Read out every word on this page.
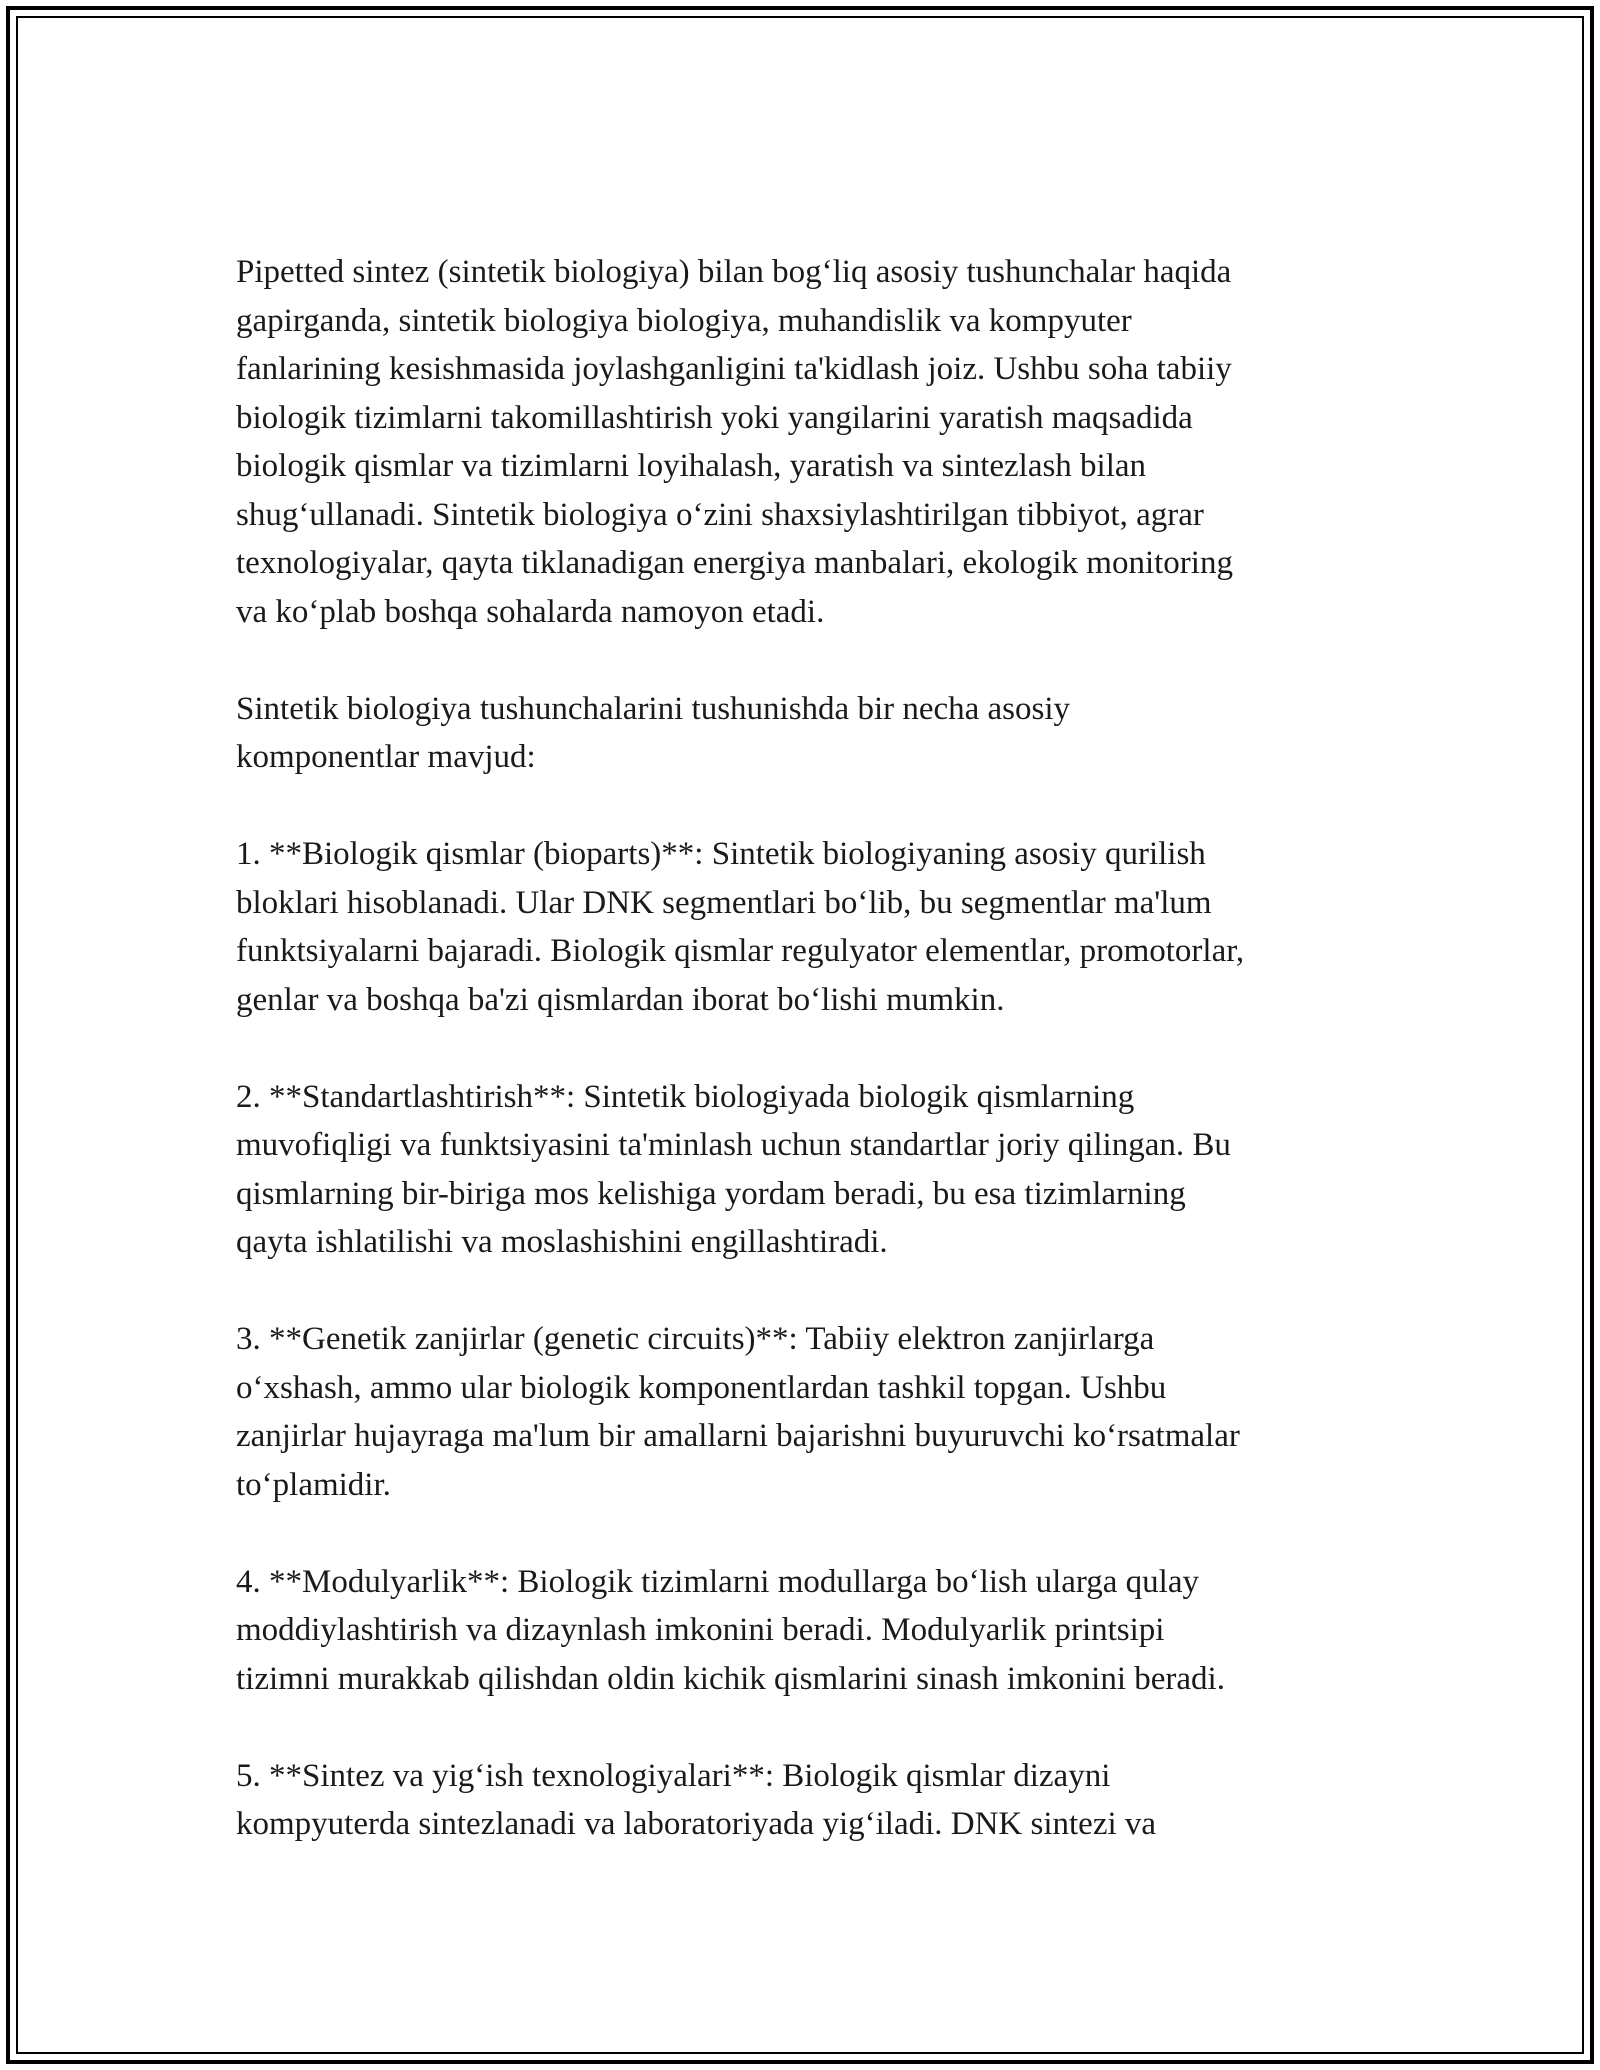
Pipetted sintez (sintetik biologiya) bilan bog‘liq asosiy tushunchalar haqida
gapirganda, sintetik biologiya biologiya, muhandislik va kompyuter
fanlarining kesishmasida joylashganligini ta'kidlash joiz. Ushbu soha tabiiy
biologik tizimlarni takomillashtirish yoki yangilarini yaratish maqsadida
biologik qismlar va tizimlarni loyihalash, yaratish va sintezlash bilan
shug‘ullanadi. Sintetik biologiya o‘zini shaxsiylashtirilgan tibbiyot, agrar
texnologiyalar, qayta tiklanadigan energiya manbalari, ekologik monitoring
va ko‘plab boshqa sohalarda namoyon etadi.

Sintetik biologiya tushunchalarini tushunishda bir necha asosiy
komponentlar mavjud:

1. **Biologik qismlar (bioparts)**: Sintetik biologiyaning asosiy qurilish
bloklari hisoblanadi. Ular DNK segmentlari bo‘lib, bu segmentlar ma'lum
funktsiyalarni bajaradi. Biologik qismlar regulyator elementlar, promotorlar,
genlar va boshqa ba'zi qismlardan iborat bo‘lishi mumkin.

2. **Standartlashtirish**: Sintetik biologiyada biologik qismlarning
muvofiqligi va funktsiyasini ta'minlash uchun standartlar joriy qilingan. Bu
qismlarning bir-biriga mos kelishiga yordam beradi, bu esa tizimlarning
qayta ishlatilishi va moslashishini engillashtiradi.

3. **Genetik zanjirlar (genetic circuits)**: Tabiiy elektron zanjirlarga
o‘xshash, ammo ular biologik komponentlardan tashkil topgan. Ushbu
zanjirlar hujayraga ma'lum bir amallarni bajarishni buyuruvchi ko‘rsatmalar
to‘plamidir.

4. **Modulyarlik**: Biologik tizimlarni modullarga bo‘lish ularga qulay
moddiylashtirish va dizaynlash imkonini beradi. Modulyarlik printsipi
tizimni murakkab qilishdan oldin kichik qismlarini sinash imkonini beradi.

5. **Sintez va yig‘ish texnologiyalari**: Biologik qismlar dizayni
kompyuterda sintezlanadi va laboratoriyada yig‘iladi. DNK sintezi va
